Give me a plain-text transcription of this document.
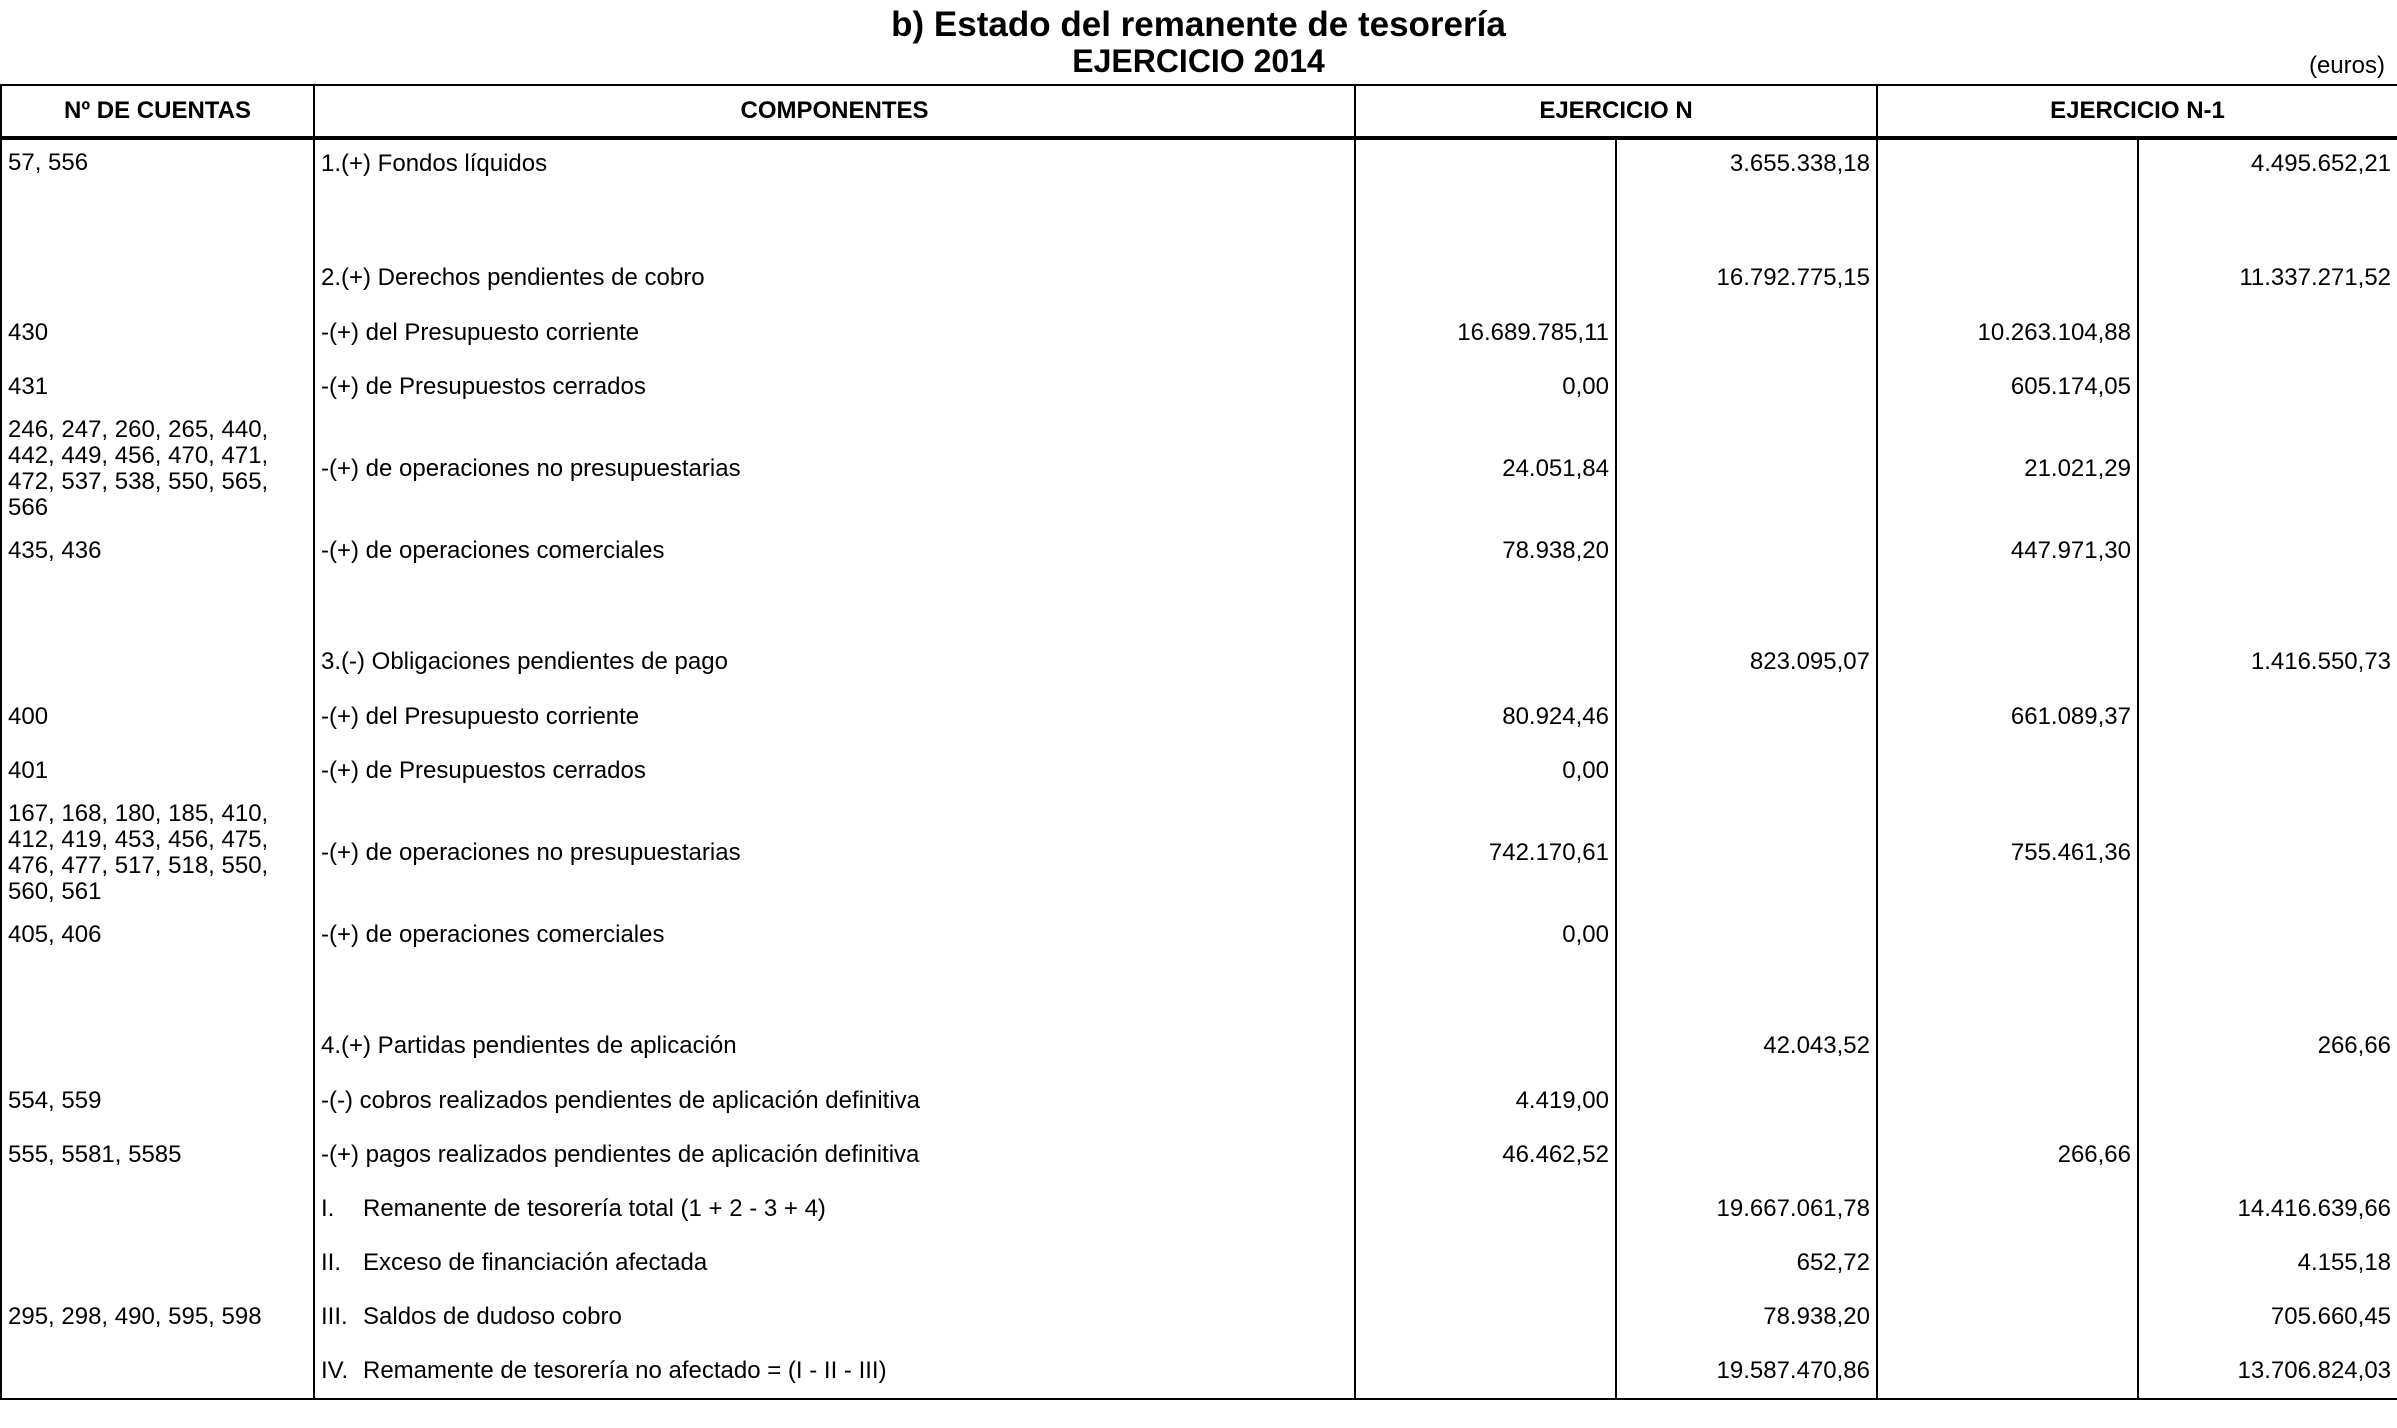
b) Estado del remanente de tesorería
EJERCICIO 2014	(euros)
Nº DE CUENTAS	COMPONENTES	EJERCICIO N		EJERCICIO N-1	

57, 556	1.(+) Fondos líquidos		3.655.338,18		4.495.652,21

	2.(+) Derechos pendientes de cobro		16.792.775,15		11.337.271,52

430	-(+) del Presupuesto corriente	16.689.785,11		10.263.104,88	

431	-(+) de Presupuestos cerrados	0,00		605.174,05	

246, 247, 260, 265, 440,
442, 449, 456, 470, 471,
472, 537, 538, 550, 565,
566	-(+) de operaciones no presupuestarias	24.051,84		21.021,29	

435, 436	-(+) de operaciones comerciales	78.938,20		447.971,30	

	3.(-) Obligaciones pendientes de pago		823.095,07		1.416.550,73

400	-(+) del Presupuesto corriente	80.924,46		661.089,37	

401	-(+) de Presupuestos cerrados	0,00			

167, 168, 180, 185, 410,
412, 419, 453, 456, 475,
476, 477, 517, 518, 550,
560, 561	-(+) de operaciones no presupuestarias	742.170,61		755.461,36	

405, 406	-(+) de operaciones comerciales	0,00			

	4.(+) Partidas pendientes de aplicación		42.043,52		266,66

554, 559	-(-) cobros realizados pendientes de aplicación definitiva	4.419,00			

555, 5581, 5585	-(+) pagos realizados pendientes de aplicación definitiva	46.462,52		266,66	

	I. Remanente de tesorería total (1 + 2 - 3 + 4)		19.667.061,78		14.416.639,66

	II. Exceso de financiación afectada		652,72		4.155,18

295, 298, 490, 595, 598	III. Saldos de dudoso cobro		78.938,20		705.660,45

	IV. Remamente de tesorería no afectado = (I - II - III)		19.587.470,86		13.706.824,03
